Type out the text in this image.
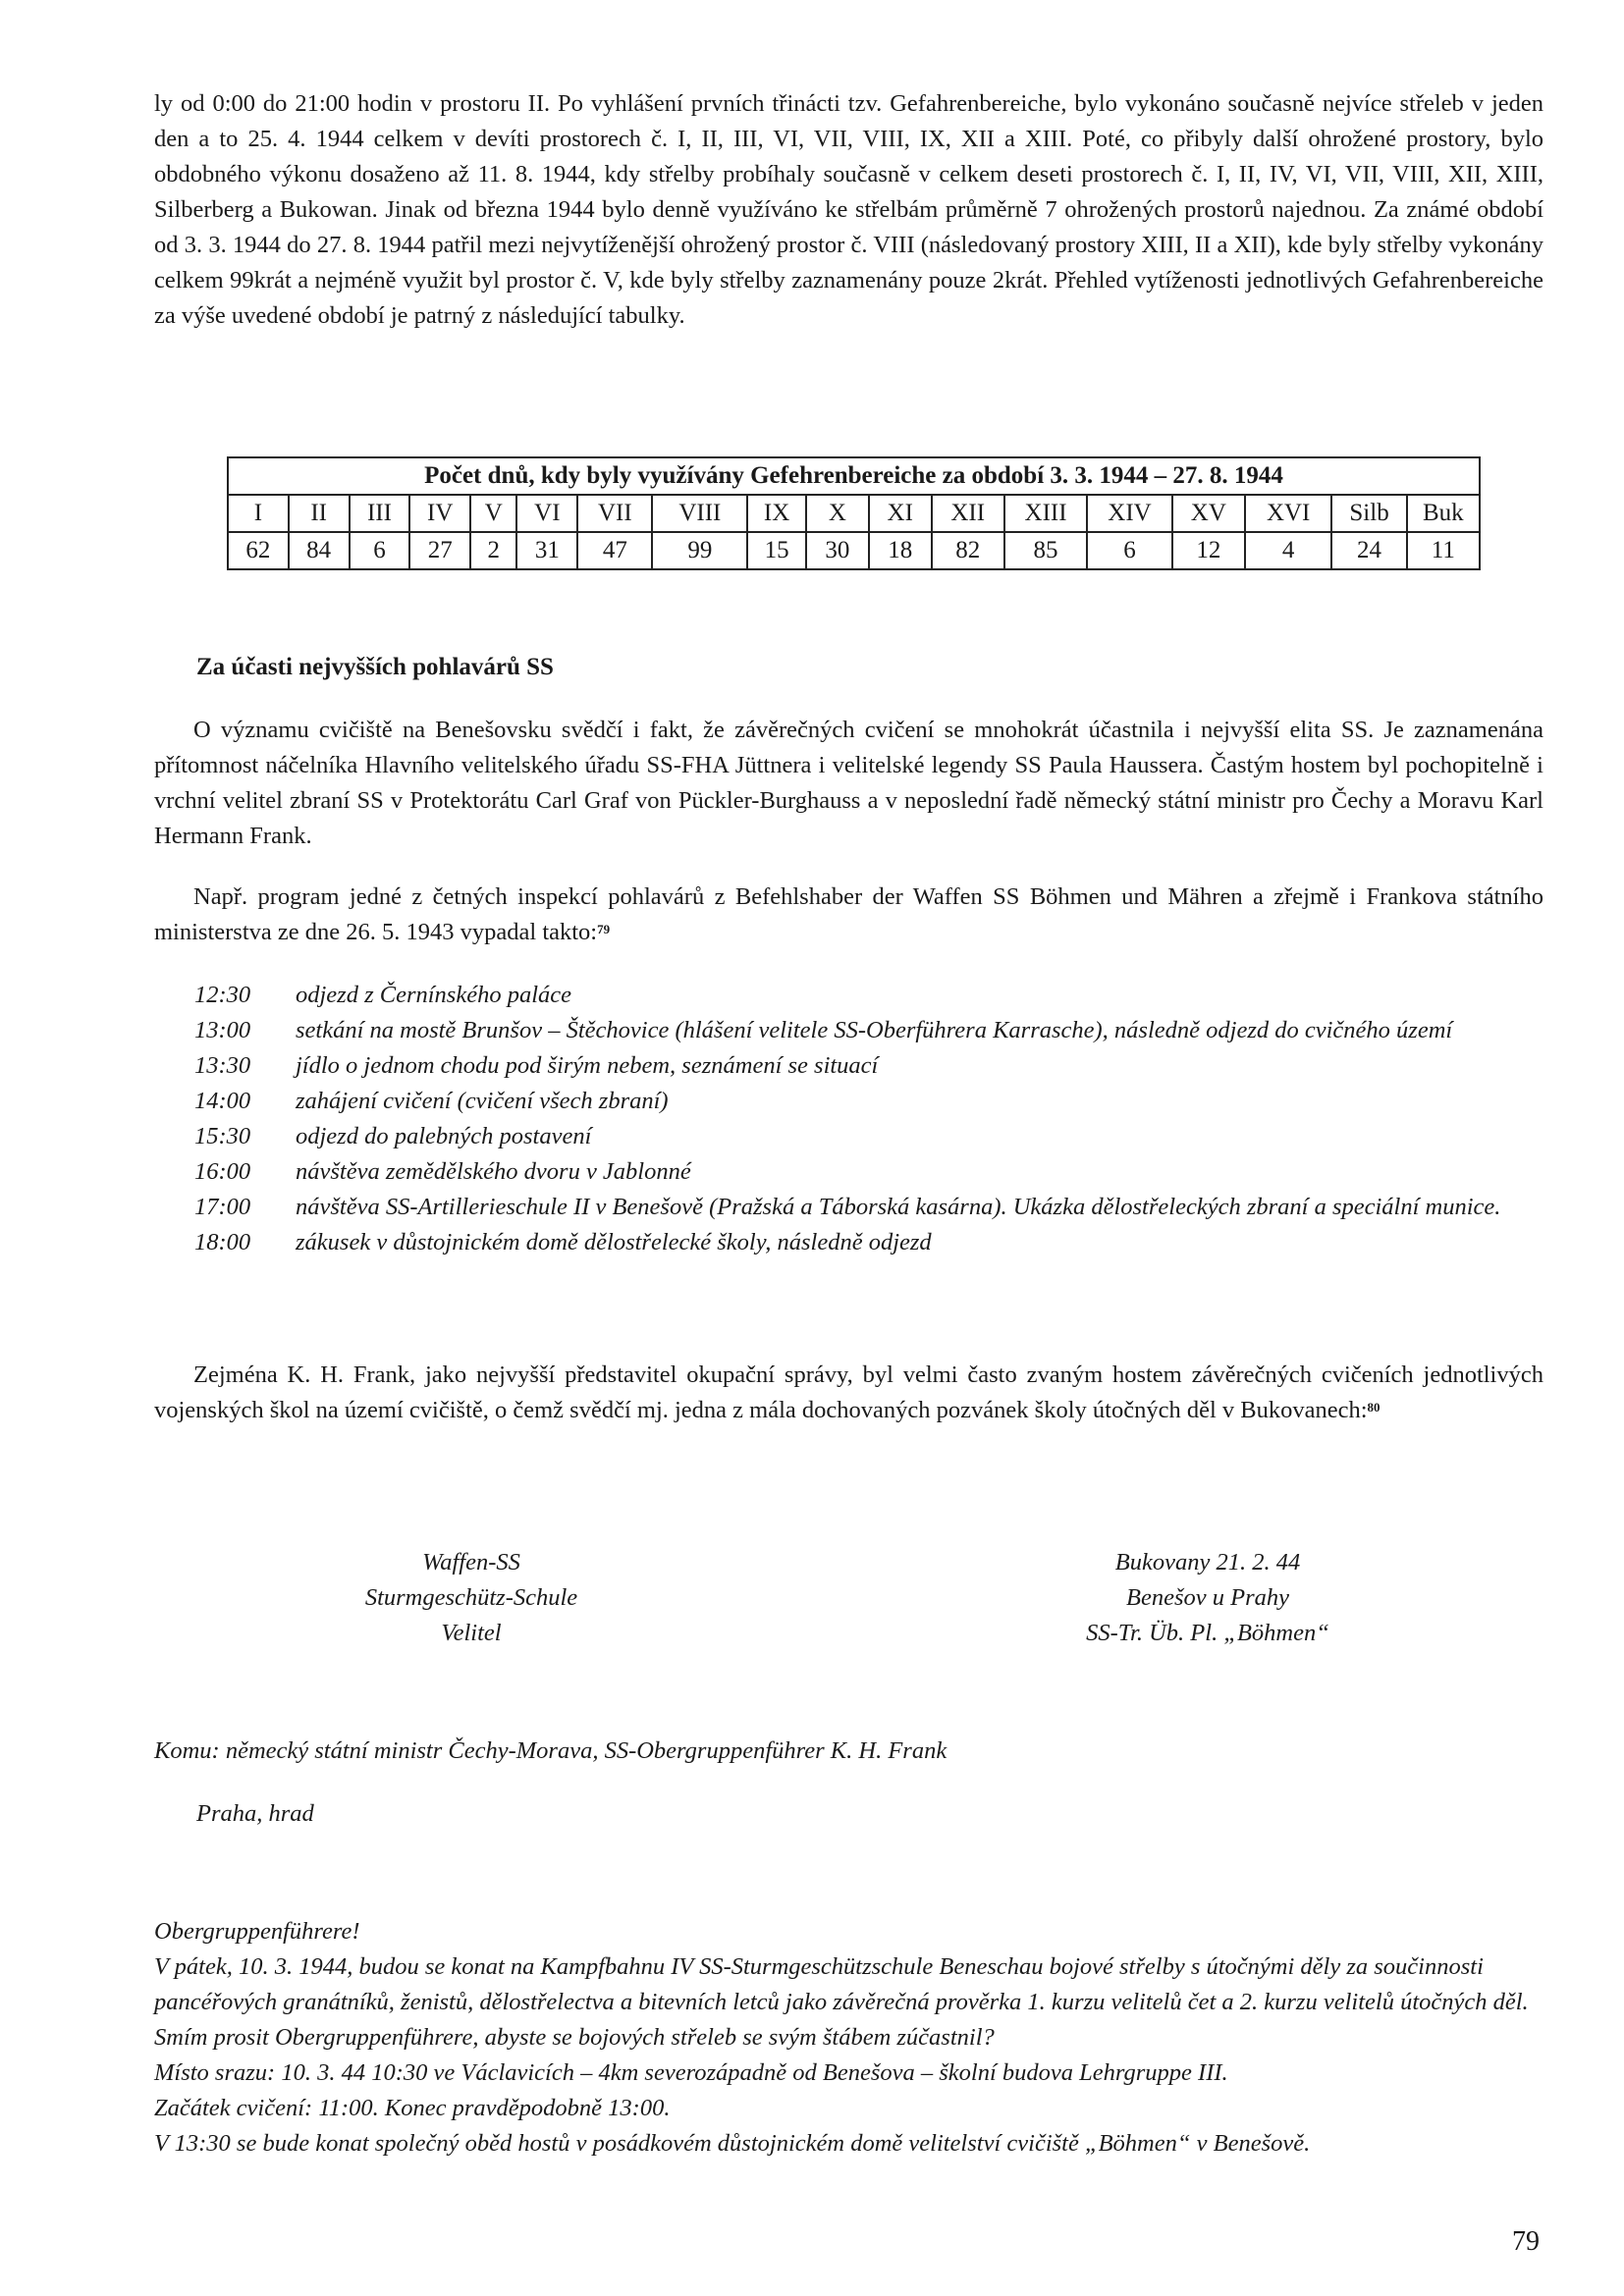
ly od 0:00 do 21:00 hodin v prostoru II. Po vyhlášení prvních třinácti tzv. Gefahrenbereiche, bylo vykonáno současně nejvíce střeleb v jeden den a to 25. 4. 1944 celkem v devíti prostorech č. I, II, III, VI, VII, VIII, IX, XII a XIII. Poté, co přibyly další ohrožené prostory, bylo obdobného výkonu dosaženo až 11. 8. 1944, kdy střelby probíhaly současně v celkem deseti prostorech č. I, II, IV, VI, VII, VIII, XII, XIII, Silberberg a Bukowan. Jinak od března 1944 bylo denně využíváno ke střelbám průměrně 7 ohrožených prostorů najednou. Za známé období od 3. 3. 1944 do 27. 8. 1944 patřil mezi nejvytíženější ohrožený prostor č. VIII (následovaný prostory XIII, II a XII), kde byly střelby vykonány celkem 99krát a nejméně využit byl prostor č. V, kde byly střelby zaznamenány pouze 2krát. Přehled vytíženosti jednotlivých Gefahrenbereiche za výše uvedené období je patrný z následující tabulky.

Počet dnů, kdy byly využívány Gefehrenbereiche za období 3. 3. 1944 – 27. 8. 1944																	
I	II	III	IV	V	VI	VII	VIII	IX	X	XI	XII	XIII	XIV	XV	XVI	Silb	Buk
62	84	6	27	2	31	47	99	15	30	18	82	85	6	12	4	24	11
Za účasti nejvyšších pohlavárů SS

O významu cvičiště na Benešovsku svědčí i fakt, že závěrečných cvičení se mnohokrát účastnila i nejvyšší elita SS. Je zaznamenána přítomnost náčelníka Hlavního velitelského úřadu SS-FHA Jüttnera i velitelské legendy SS Paula Haussera. Častým hostem byl pochopitelně i vrchní velitel zbraní SS v Protektorátu Carl Graf von Pückler-Burghauss a v neposlední řadě německý státní ministr pro Čechy a Moravu Karl Hermann Frank.

Např. program jedné z četných inspekcí pohlavárů z Befehlshaber der Waffen SS Böhmen und Mähren a zřejmě i Frankova státního ministerstva ze dne 26. 5. 1943 vypadal takto:$^{79}$

12:30	odjezd z Černínského paláce
13:00	setkání na mostě Brunšov – Štěchovice (hlášení velitele SS-Oberführera Karrasche), následně odjezd do cvičného území
13:30	jídlo o jednom chodu pod širým nebem, seznámení se situací
14:00	zahájení cvičení (cvičení všech zbraní)
15:30	odjezd do palebných postavení
16:00	návštěva zemědělského dvoru v Jablonné
17:00	návštěva SS-Artillerieschule II v Benešově (Pražská a Táborská kasárna). Ukázka dělostřeleckých zbraní a speciální munice.
18:00	zákusek v důstojnickém domě dělostřelecké školy, následně odjezd

Zejména K. H. Frank, jako nejvyšší představitel okupační správy, byl velmi často zvaným hostem závěrečných cvičeních jednotlivých vojenských škol na území cvičiště, o čemž svědčí mj. jedna z mála dochovaných pozvánek školy útočných děl v Bukovanech:$^{80}$

Waffen-SS
Sturmgeschütz-Schule
Velitel
Bukovany 21. 2. 44
Benešov u Prahy
SS-Tr. Üb. Pl. „Böhmen“

Komu: německý státní ministr Čechy-Morava, SS-Obergruppenführer K. H. Frank

Praha, hrad

Obergruppenführere!
V pátek, 10. 3. 1944, budou se konat na Kampfbahnu IV SS-Sturmgeschützschule Beneschau bojové střelby s útočnými děly za součinnosti pancéřových granátníků, ženistů, dělostřelectva a bitevních letců jako závěrečná prověrka 1. kurzu velitelů čet a 2. kurzu velitelů útočných děl.
Smím prosit Obergruppenführere, abyste se bojových střeleb se svým štábem zúčastnil?
Místo srazu: 10. 3. 44 10:30 ve Václavicích – 4km severozápadně od Benešova – školní budova Lehrgruppe III.
Začátek cvičení: 11:00. Konec pravděpodobně 13:00.
V 13:30 se bude konat společný oběd hostů v posádkovém důstojnickém domě velitelství cvičiště „Böhmen“ v Benešově.
79
